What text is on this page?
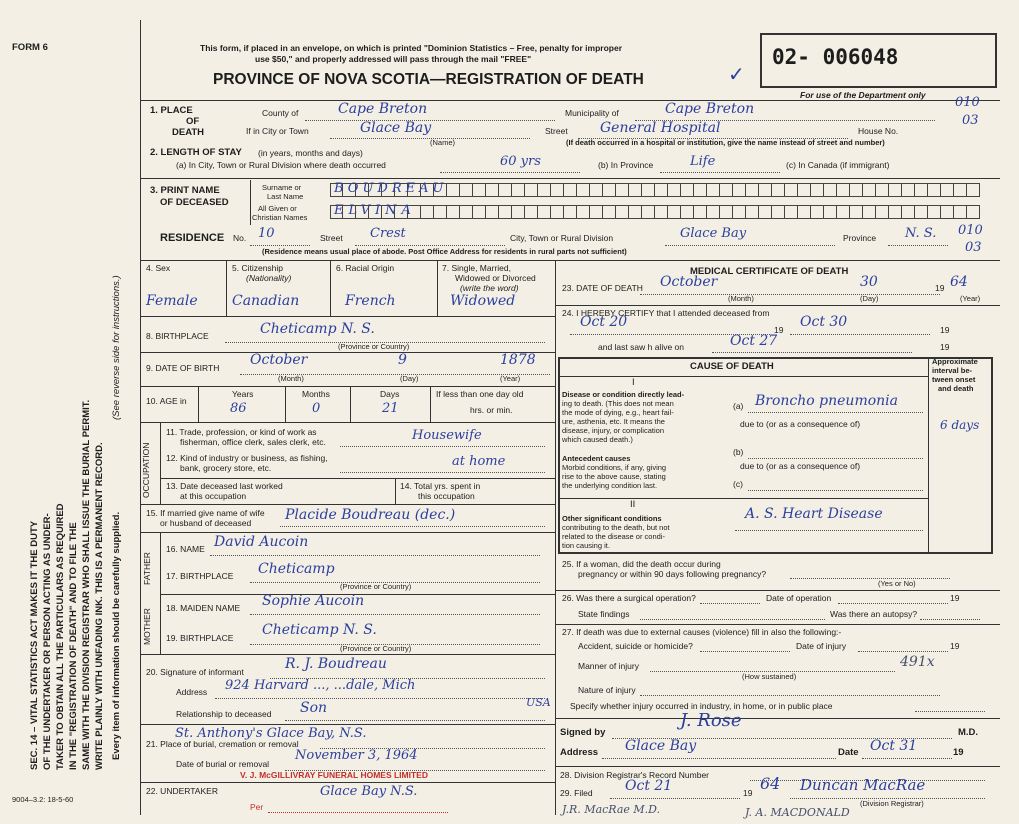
FORM 6
SEC. 14 – VITAL STATISTICS ACT MAKES IT THE DUTY OF THE UNDERTAKER OR PERSON ACTING AS UNDER- TAKER TO OBTAIN ALL THE PARTICULARS AS REQUIRED IN THE "REGISTRATION OF DEATH" AND TO FILE THE SAME WITH THE DIVISION REGISTRAR WHO SHALL ISSUE THE BURIAL PERMIT. WRITE PLAINLY WITH UNFADING INK. THIS IS A PERMANENT RECORD.
(See reverse side for instructions.)
Every item of information should be carefully supplied.
9004–3.2: 18-5-60
This form, if placed in an envelope, on which is printed "Dominion Statistics – Free, penalty for improper
use $50," and properly addressed will pass through the mail "FREE"
PROVINCE OF NOVA SCOTIA—REGISTRATION OF DEATH
02- 006048
✓
For use of the Department only
1. PLACE
OF
DEATH
County of	Cape Breton	Municipality of	Cape Breton
If in City or Town	Glace Bay
(Name)
Street General Hospital	House No.
(If death occurred in a hospital or institution, give the name instead of street and number)
010
03
2. LENGTH OF STAY (in years, months and days)
(a) In City, Town or Rural Division where death occurred	60 yrs	(b) In Province	Life	(c) In Canada (if immigrant)
3. PRINT NAME
OF DECEASED
Surname or
Last Name
All Given or
Christian Names
BOUDREAU
ELVINA
RESIDENCE No. 10	Street Crest	City, Town or Rural Division	Glace Bay	Province N. S. 010
03
(Residence means usual place of abode. Post Office Address for residents in rural parts not sufficient)
4. Sex	5. Citizenship
(Nationality)
6. Racial Origin	7. Single, Married,
Widowed or Divorced
(write the word)
Female Canadian	French	Widowed
8. BIRTHPLACE	Cheticamp N. S.
(Province or Country)
9. DATE OF BIRTH October	9	1878
(Month)	(Day)	(Year)
10. AGE in
Years	Months	Days	If less than one day old
hrs. or min.
86	0	21
OCCUPATION
11. Trade, profession, or kind of work as
fisherman, office clerk, sales clerk, etc.	Housewife
12. Kind of industry or business, as fishing,
bank, grocery store, etc.	at home
13. Date deceased last worked
at this occupation
14. Total yrs. spent in
this occupation
15. If married give name of wife
or husband of deceased Placide Boudreau (dec.)
FATHER
16. NAME David Aucoin
17. BIRTHPLACE Cheticamp
(Province or Country)
MOTHER
18. MAIDEN NAME Sophie Aucoin
19. BIRTHPLACE Cheticamp N. S.
(Province or Country)
20. Signature of informant	R. J. Boudreau
Address 924 Harvard ..., ...dale, Mich
USA
Relationship to deceased Son
21. Place of burial, cremation or removal
St. Anthony's Glace Bay, N.S.
Date of burial or removal
November 3, 1964
V. J. McGILLIVRAY FUNERAL HOMES LIMITED
22. UNDERTAKER	Glace Bay N.S.
Per
MEDICAL CERTIFICATE OF DEATH
23. DATE OF DEATH October	30	19 64
(Month)	(Day)	(Year)
24. I HEREBY CERTIFY that I attended deceased from
Oct 20	19 Oct 30	19
and last saw h alive on	Oct 27	19
CAUSE OF DEATH	Approximate
interval be-
tween onset
and death
I
Disease or condition directly lead-
ing to death. (This does not mean
the mode of dying, e.g., heart fail-
ure, asthenia, etc. It means the
disease, injury, or complication
which caused death.)
(a) Broncho pneumonia
6 days
due to (or as a consequence of)
Antecedent causes
Morbid conditions, if any, giving
rise to the above cause, stating
the underlying condition last.
(b)
due to (or as a consequence of)
(c)
II
Other significant conditions
contributing to the death, but not
related to the disease or condi-
tion causing it.
A. S. Heart Disease
25. If a woman, did the death occur during
pregnancy or within 90 days following pregnancy?
(Yes or No)
26. Was there a surgical operation?	Date of operation	19
State findings	Was there an autopsy?
27. If death was due to external causes (violence) fill in also the following:-
Accident, suicide or homicide?	Date of injury	19
491x
Manner of injury
(How sustained)
Nature of injury
Specify whether injury occurred in industry, in home, or in public place
Signed by
J. Rose
M.D.
Address Glace Bay	Date Oct 31	19
28. Division Registrar's Record Number
29. Filed Oct 21	19 64 Duncan MacRae
(Division Registrar)
J.R. MacRae M.D.	J. A. MACDONALD
